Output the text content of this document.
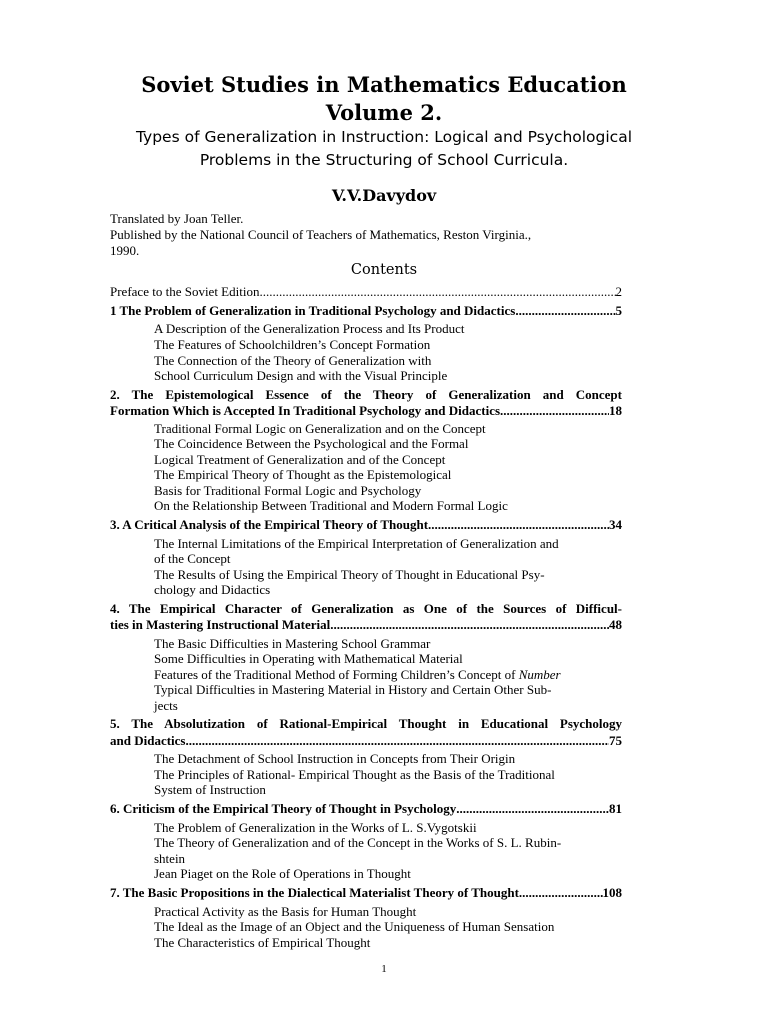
Soviet Studies in Mathematics Education
Volume 2.
Types of Generalization in Instruction: Logical and Psychological
Problems in the Structuring of School Curricula.
V.V.Davydov
Translated by Joan Teller.
Published by the National Council of Teachers of Mathematics, Reston Virginia.,
1990.
Contents
Preface to the Soviet Edition .....	2
1 The Problem of Generalization in Traditional Psychology and Didactics .....	5
A Description of the Generalization Process and Its Product
The Features of Schoolchildren’s Concept Formation
The Connection of the Theory of Generalization with
School Curriculum Design and with the Visual Principle
2. The Epistemological Essence of the Theory of Generalization and Concept
Formation Which is Accepted In Traditional Psychology and Didactics .....	18
Traditional Formal Logic on Generalization and on the Concept
The Coincidence Between the Psychological and the Formal
Logical Treatment of Generalization and of the Concept
The Empirical Theory of Thought as the Epistemological
Basis for Traditional Formal Logic and Psychology
On the Relationship Between Traditional and Modern Formal Logic
3. A Critical Analysis of the Empirical Theory of Thought .....	34
The Internal Limitations of the Empirical Interpretation of Generalization and
of the Concept
The Results of Using the Empirical Theory of Thought in Educational Psy-
chology and Didactics
4. The Empirical Character of Generalization as One of the Sources of Difficul-
ties in Mastering Instructional Material .....	48
The Basic Difficulties in Mastering School Grammar
Some Difficulties in Operating with Mathematical Material
Features of the Traditional Method of Forming Children’s Concept of Number
Typical Difficulties in Mastering Material in History and Certain Other Sub-
jects
5. The Absolutization of Rational-Empirical Thought in Educational Psychology
and Didactics .....	75
The Detachment of School Instruction in Concepts from Their Origin
The Principles of Rational- Empirical Thought as the Basis of the Traditional
System of Instruction
6. Criticism of the Empirical Theory of Thought in Psychology .....	81
The Problem of Generalization in the Works of L. S.Vygotskii
The Theory of Generalization and of the Concept in the Works of S. L. Rubin-
shtein
Jean Piaget on the Role of Operations in Thought
7. The Basic Propositions in the Dialectical Materialist Theory of Thought .....	108
Practical Activity as the Basis for Human Thought
The Ideal as the Image of an Object and the Uniqueness of Human Sensation
The Characteristics of Empirical Thought
1
